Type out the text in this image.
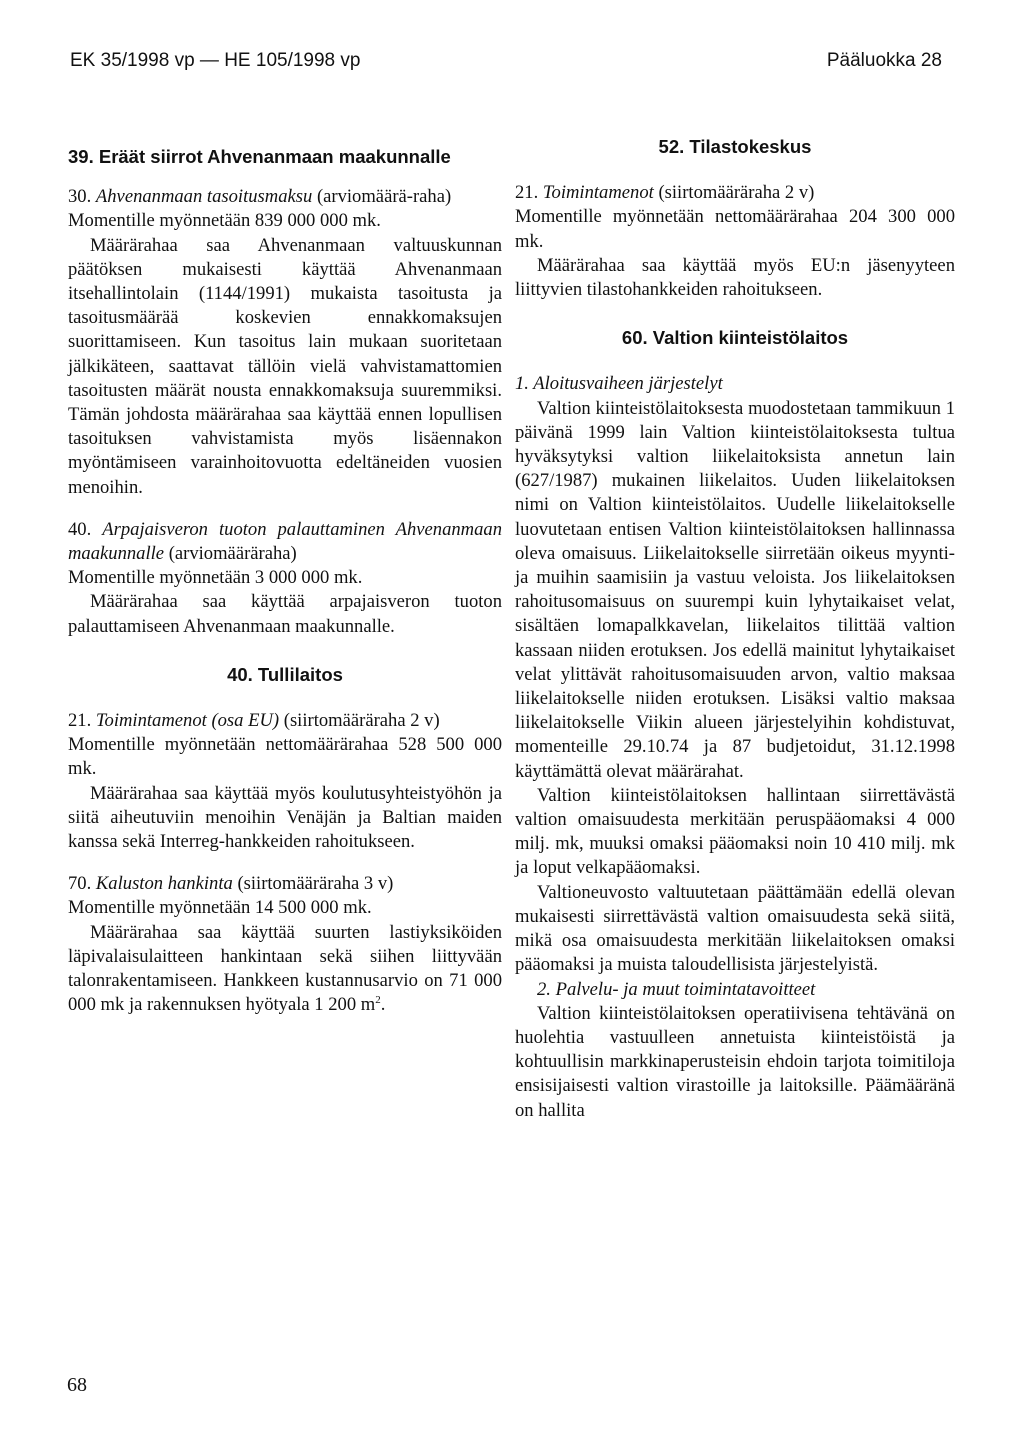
EK 35/1998 vp — HE 105/1998 vp	Pääluokka 28
39. Eräät siirrot Ahvenanmaan maakunnalle

30. Ahvenanmaan tasoitusmaksu (arviomäärä-raha)

Momentille myönnetään 839 000 000 mk.

Määrärahaa saa Ahvenanmaan valtuuskunnan päätöksen mukaisesti käyttää Ahvenanmaan itsehallintolain (1144/1991) mukaista tasoitusta ja tasoitusmäärää koskevien ennakkomaksujen suorittamiseen. Kun tasoitus lain mukaan suoritetaan jälkikäteen, saattavat tällöin vielä vahvistamattomien tasoitusten määrät nousta ennakkomaksuja suuremmiksi. Tämän johdosta määrärahaa saa käyttää ennen lopullisen tasoituksen vahvistamista myös lisäennakon myöntämiseen varainhoitovuotta edeltäneiden vuosien menoihin.

40. Arpajaisveron tuoton palauttaminen Ahvenanmaan maakunnalle (arviomääräraha)

Momentille myönnetään 3 000 000 mk.

Määrärahaa saa käyttää arpajaisveron tuoton palauttamiseen Ahvenanmaan maakunnalle.

40. Tullilaitos

21. Toimintamenot (osa EU) (siirtomääräraha 2 v)

Momentille myönnetään nettomäärärahaa 528 500 000 mk.

Määrärahaa saa käyttää myös koulutusyhteistyöhön ja siitä aiheutuviin menoihin Venäjän ja Baltian maiden kanssa sekä Interreg-hankkeiden rahoitukseen.

70. Kaluston hankinta (siirtomääräraha 3 v)

Momentille myönnetään 14 500 000 mk.

Määrärahaa saa käyttää suurten lastiyksiköiden läpivalaisulaitteen hankintaan sekä siihen liittyvään talonrakentamiseen. Hankkeen kustannusarvio on 71 000 000 mk ja rakennuksen hyötyala 1 200 $m^2$.

52. Tilastokeskus

21. Toimintamenot (siirtomääräraha 2 v)

Momentille myönnetään nettomäärärahaa 204 300 000 mk.

Määrärahaa saa käyttää myös EU:n jäsenyyteen liittyvien tilastohankkeiden rahoitukseen.

60. Valtion kiinteistölaitos

1. Aloitusvaiheen järjestelyt

Valtion kiinteistölaitoksesta muodostetaan tammikuun 1 päivänä 1999 lain Valtion kiinteistölaitoksesta tultua hyväksytyksi valtion liikelaitoksista annetun lain (627/1987) mukainen liikelaitos. Uuden liikelaitoksen nimi on Valtion kiinteistölaitos. Uudelle liikelaitokselle luovutetaan entisen Valtion kiinteistölaitoksen hallinnassa oleva omaisuus. Liikelaitokselle siirretään oikeus myynti- ja muihin saamisiin ja vastuu veloista. Jos liikelaitoksen rahoitusomaisuus on suurempi kuin lyhytaikaiset velat, sisältäen lomapalkkavelan, liikelaitos tilittää valtion kassaan niiden erotuksen. Jos edellä mainitut lyhytaikaiset velat ylittävät rahoitusomaisuuden arvon, valtio maksaa liikelaitokselle niiden erotuksen. Lisäksi valtio maksaa liikelaitokselle Viikin alueen järjestelyihin kohdistuvat, momenteille 29.10.74 ja 87 budjetoidut, 31.12.1998 käyttämättä olevat määrärahat.

Valtion kiinteistölaitoksen hallintaan siirrettävästä valtion omaisuudesta merkitään peruspääomaksi 4 000 milj. mk, muuksi omaksi pääomaksi noin 10 410 milj. mk ja loput velkapääomaksi.

Valtioneuvosto valtuutetaan päättämään edellä olevan mukaisesti siirrettävästä valtion omaisuudesta sekä siitä, mikä osa omaisuudesta merkitään liikelaitoksen omaksi pääomaksi ja muista taloudellisista järjestelyistä.

2. Palvelu- ja muut toimintatavoitteet

Valtion kiinteistölaitoksen operatiivisena tehtävänä on huolehtia vastuulleen annetuista kiinteistöistä ja kohtuullisin markkinaperusteisin ehdoin tarjota toimitiloja ensisijaisesti valtion virastoille ja laitoksille. Päämääränä on hallita

68
